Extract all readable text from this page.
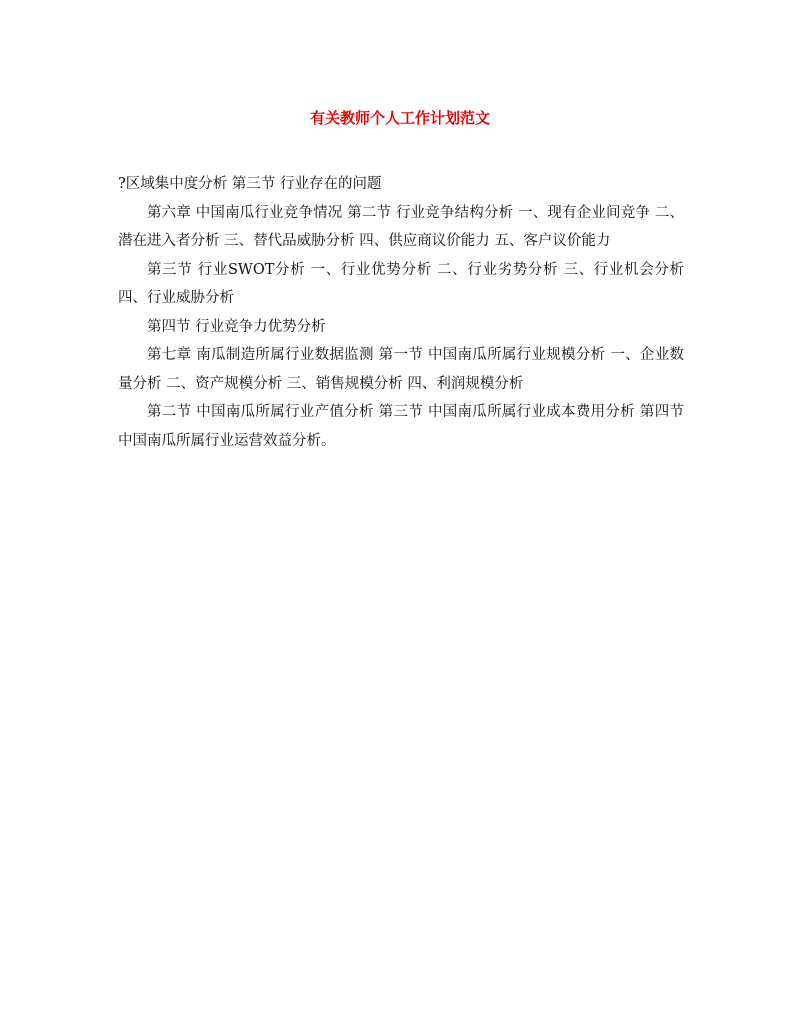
有关教师个人工作计划范文

?区域集中度分析 第三节 行业存在的问题

第六章 中国南瓜行业竞争情况 第二节 行业竞争结构分析 一、现有企业间竞争 二、潜在进入者分析 三、替代品威胁分析 四、供应商议价能力 五、客户议价能力

第三节 行业SWOT分析 一、行业优势分析 二、行业劣势分析 三、行业机会分析 四、行业威胁分析

第四节 行业竞争力优势分析

第七章 南瓜制造所属行业数据监测 第一节 中国南瓜所属行业规模分析 一、企业数量分析 二、资产规模分析 三、销售规模分析 四、利润规模分析

第二节 中国南瓜所属行业产值分析 第三节 中国南瓜所属行业成本费用分析 第四节 中国南瓜所属行业运营效益分析。
